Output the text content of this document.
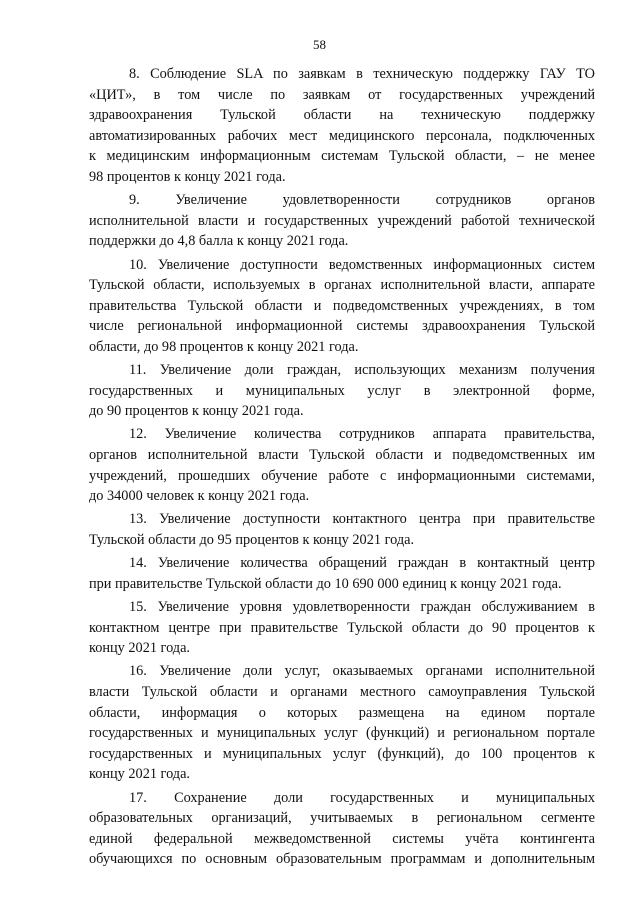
58
8. Соблюдение SLA по заявкам в техническую поддержку ГАУ ТО
«ЦИТ», в том числе по заявкам от государственных учреждений
здравоохранения Тульской области на техническую поддержку
автоматизированных рабочих мест медицинского персонала, подключенных
к медицинским информационным системам Тульской области, – не менее
98 процентов к концу 2021 года.
9. Увеличение удовлетворенности сотрудников органов
исполнительной власти и государственных учреждений работой технической
поддержки до 4,8 балла к концу 2021 года.
10. Увеличение доступности ведомственных информационных систем
Тульской области, используемых в органах исполнительной власти, аппарате
правительства Тульской области и подведомственных учреждениях, в том
числе региональной информационной системы здравоохранения Тульской
области, до 98 процентов к концу 2021 года.
11. Увеличение доли граждан, использующих механизм получения
государственных и муниципальных услуг в электронной форме,
до 90 процентов к концу 2021 года.
12. Увеличение количества сотрудников аппарата правительства,
органов исполнительной власти Тульской области и подведомственных им
учреждений, прошедших обучение работе с информационными системами,
до 34000 человек к концу 2021 года.
13. Увеличение доступности контактного центра при правительстве
Тульской области до 95 процентов к концу 2021 года.
14. Увеличение количества обращений граждан в контактный центр
при правительстве Тульской области до 10 690 000 единиц к концу 2021 года.
15. Увеличение уровня удовлетворенности граждан обслуживанием в
контактном центре при правительстве Тульской области до 90 процентов к
концу 2021 года.
16. Увеличение доли услуг, оказываемых органами исполнительной
власти Тульской области и органами местного самоуправления Тульской
области, информация о которых размещена на едином портале
государственных и муниципальных услуг (функций) и региональном портале
государственных и муниципальных услуг (функций), до 100 процентов к
концу 2021 года.
17. Сохранение доли государственных и муниципальных
образовательных организаций, учитываемых в региональном сегменте
единой федеральной межведомственной системы учёта контингента
обучающихся по основным образовательным программам и дополнительным
